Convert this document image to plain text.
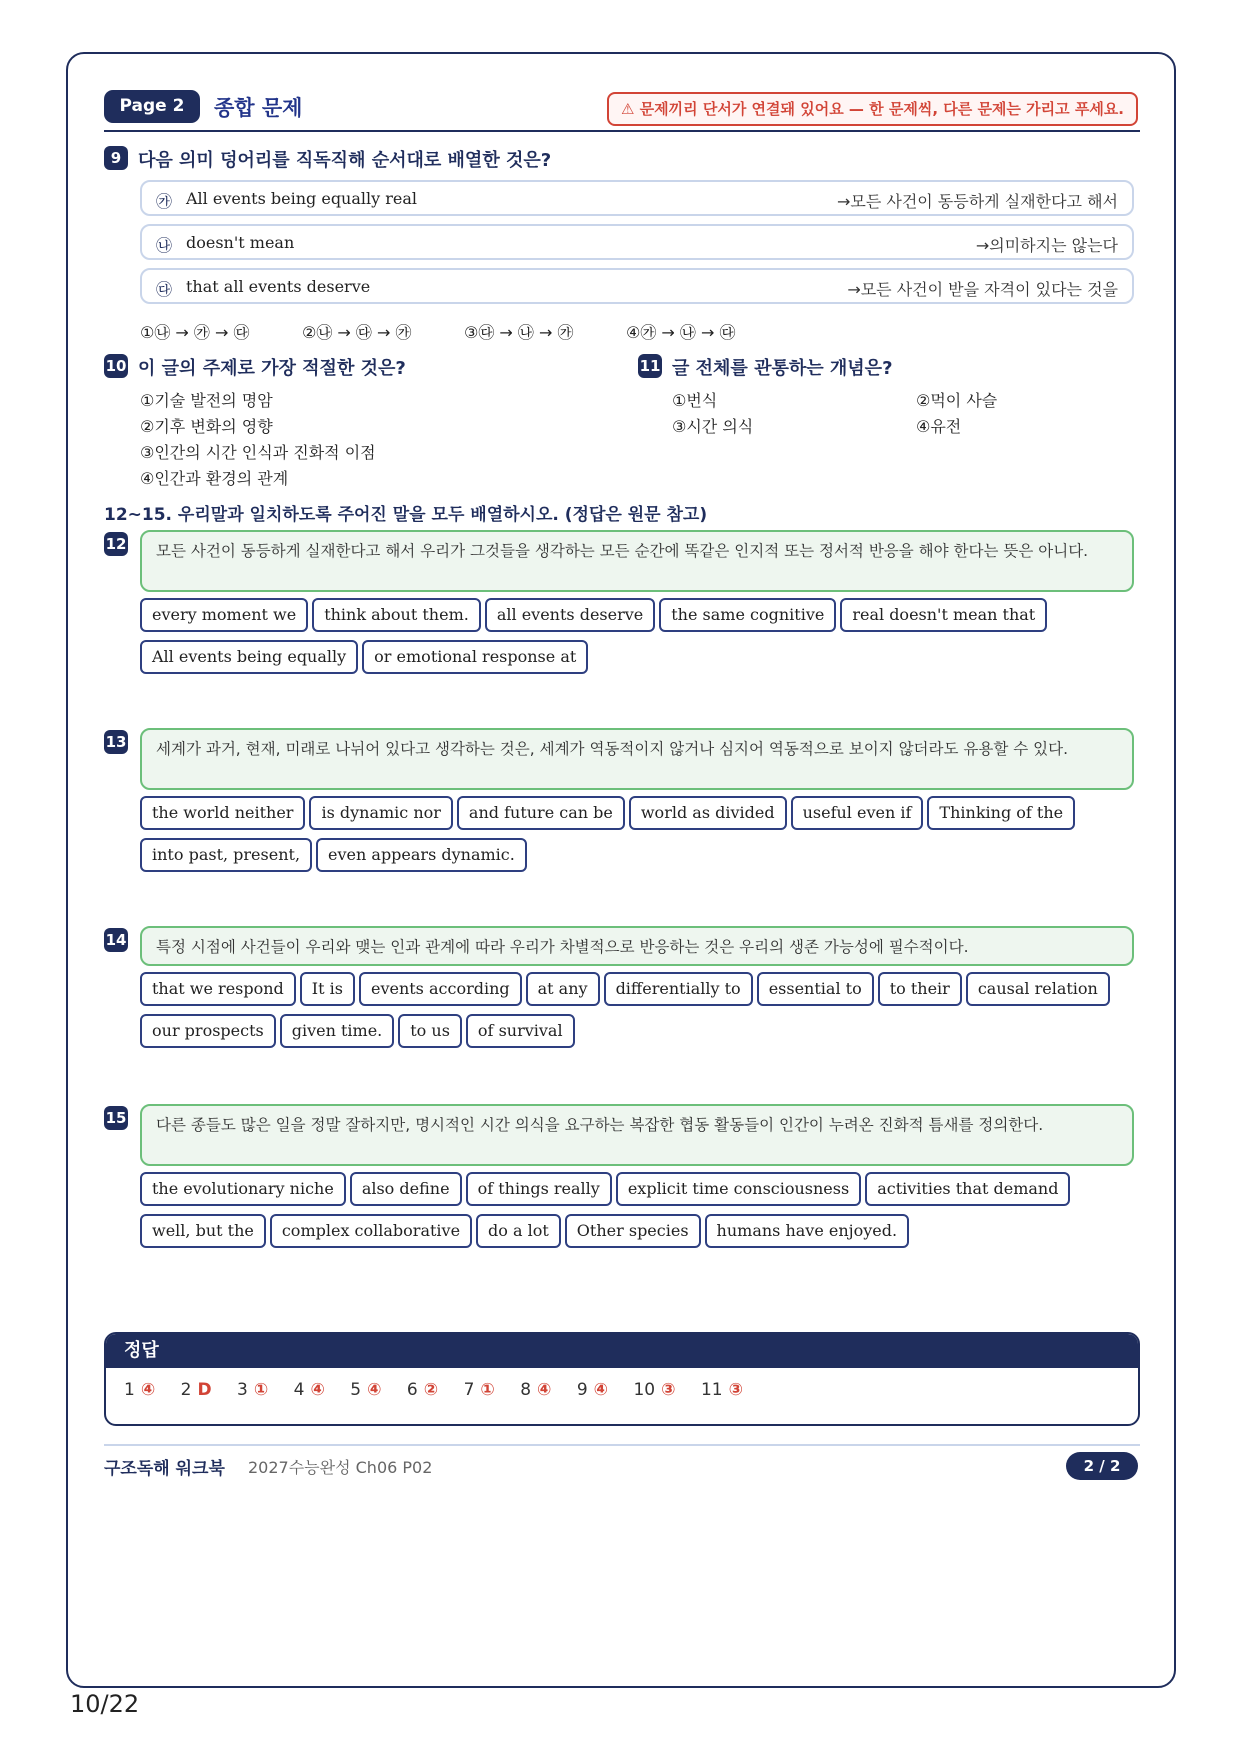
Page 2	종합 문제	⚠ 문제끼리 단서가 연결돼 있어요 — 한 문제씩, 다른 문제는 가리고 푸세요.
9 다음 의미 덩어리를 직독직해 순서대로 배열한 것은?
㉮ All events being equally real	→모든 사건이 동등하게 실재한다고 해서
㉯ doesn't mean	→의미하지는 않는다
㉰ that all events deserve	→모든 사건이 받을 자격이 있다는 것을
①㉯ → ㉮ → ㉰	②㉯ → ㉰ → ㉮	③㉰ → ㉯ → ㉮	④㉮ → ㉯ → ㉰
10 이 글의 주제로 가장 적절한 것은?
①기술 발전의 명암
②기후 변화의 영향
③인간의 시간 인식과 진화적 이점
④인간과 환경의 관계
11 글 전체를 관통하는 개념은?
①번식	②먹이 사슬
③시간 의식	④유전
12~15. 우리말과 일치하도록 주어진 말을 모두 배열하시오. (정답은 원문 참고)
12	모든 사건이 동등하게 실재한다고 해서 우리가 그것들을 생각하는 모든 순간에 똑같은 인지적 또는 정서적 반응을 해야 한다는 뜻은 아니다.
every moment we think about them. all events deserve the same cognitive real doesn't mean that
All events being equally or emotional response at
13	세계가 과거, 현재, 미래로 나뉘어 있다고 생각하는 것은, 세계가 역동적이지 않거나 심지어 역동적으로 보이지 않더라도 유용할 수 있다.
the world neither is dynamic nor and future can be world as divided useful even if Thinking of the
into past, present, even appears dynamic.
14	특정 시점에 사건들이 우리와 맺는 인과 관계에 따라 우리가 차별적으로 반응하는 것은 우리의 생존 가능성에 필수적이다.
that we respond It is events according at any differentially to essential to to their causal relation
our prospects given time. to us of survival
15	다른 종들도 많은 일을 정말 잘하지만, 명시적인 시간 의식을 요구하는 복잡한 협동 활동들이 인간이 누려온 진화적 틈새를 정의한다.
the evolutionary niche also define of things really explicit time consciousness activities that demand
well, but the complex collaborative do a lot Other species humans have enjoyed.
정답
1 ④ 2 D 3 ① 4 ④ 5 ④ 6 ② 7 ① 8 ④ 9 ④ 10 ③ 11 ③
구조독해 워크북 2027수능완성 Ch06 P02	2 / 2
10/22
